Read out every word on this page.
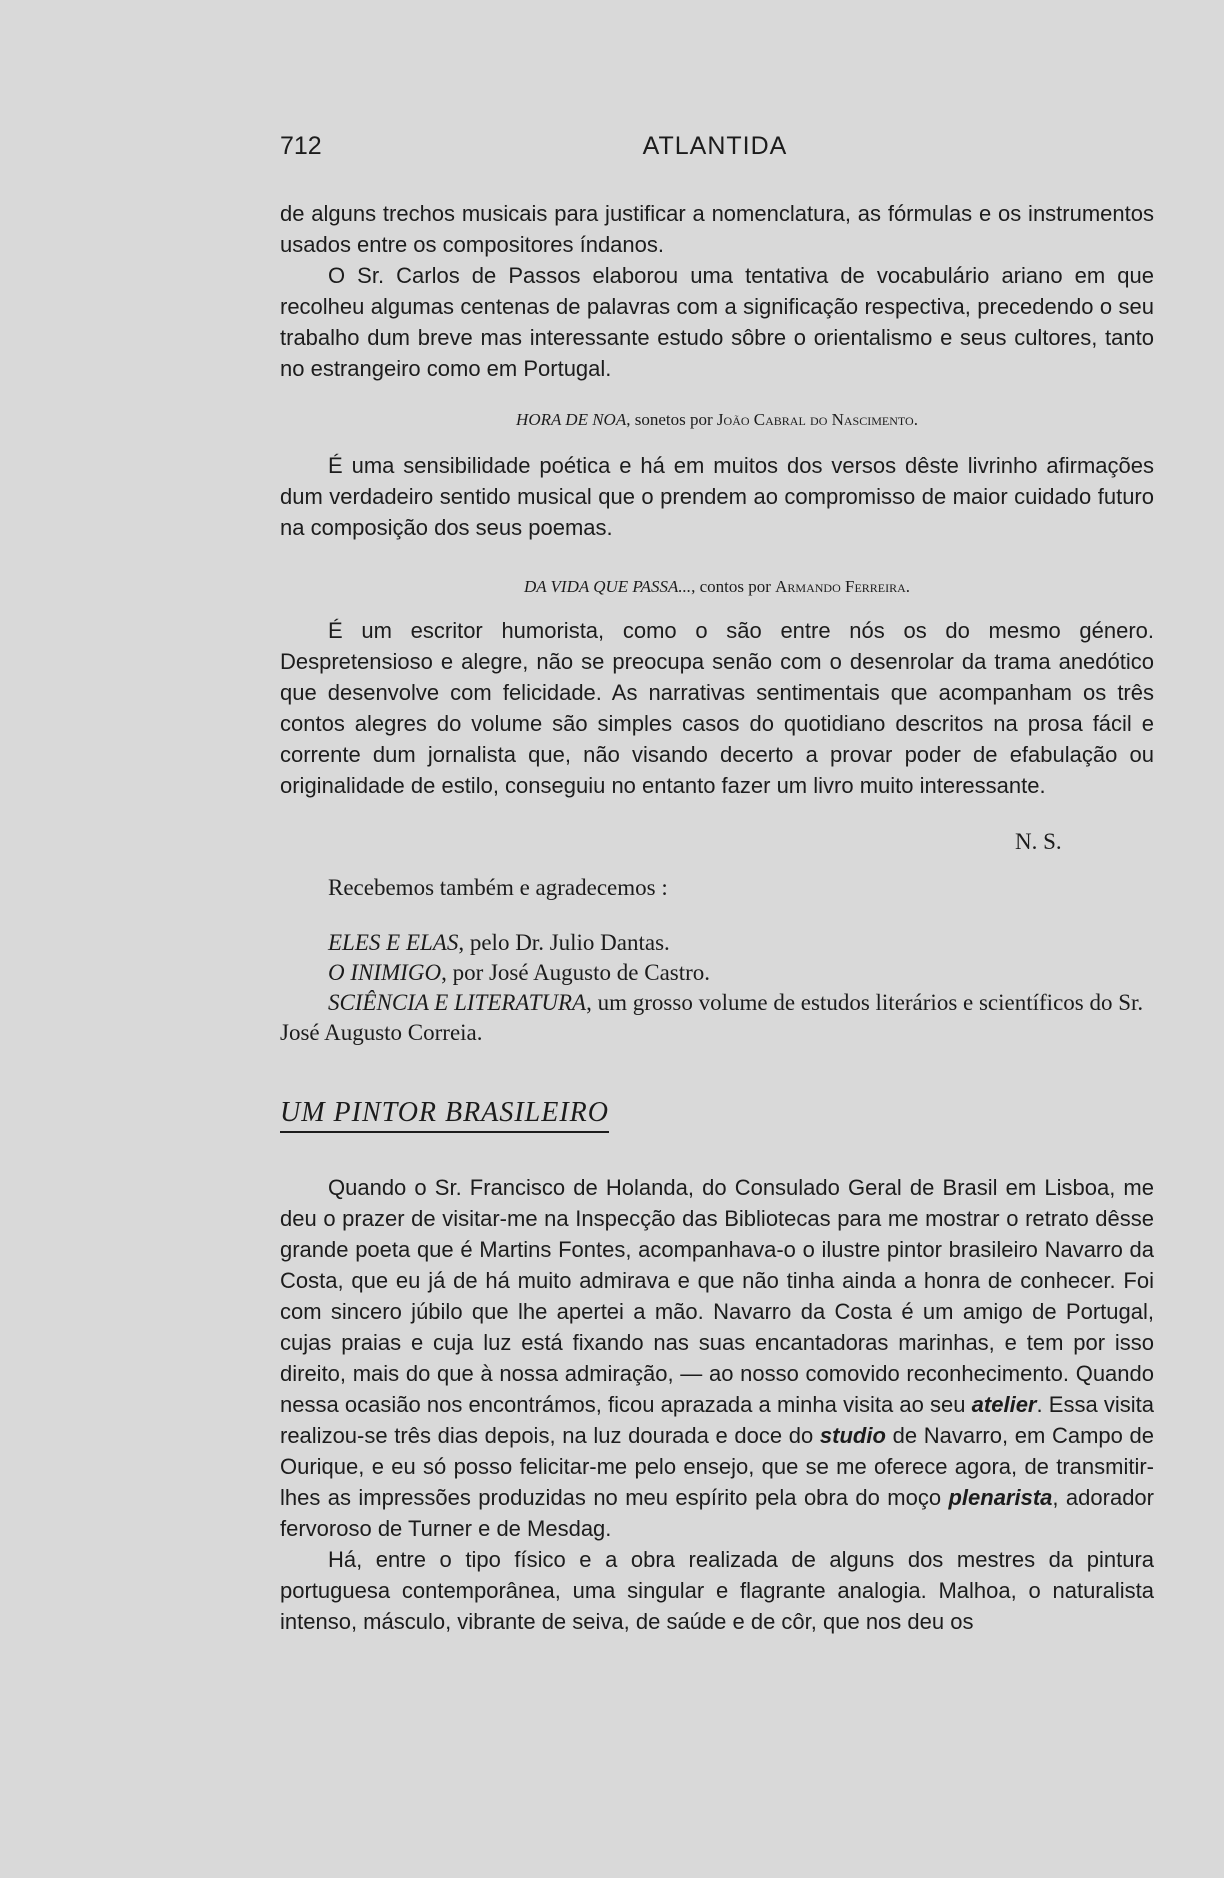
712	ATLANTIDA

de alguns trechos musicais para justificar a nomenclatura, as fórmulas e os instrumentos usados entre os compositores índanos.

O Sr. Carlos de Passos elaborou uma tentativa de vocabulário ariano em que recolheu algumas centenas de palavras com a significação respectiva, precedendo o seu trabalho dum breve mas interessante estudo sôbre o orientalismo e seus cultores, tanto no estrangeiro como em Portugal.

HORA DE NOA, sonetos por João Cabral do Nascimento.

É uma sensibilidade poética e há em muitos dos versos dêste livrinho afirmações dum verdadeiro sentido musical que o prendem ao compromisso de maior cuidado futuro na composição dos seus poemas.

DA VIDA QUE PASSA..., contos por Armando Ferreira.

É um escritor humorista, como o são entre nós os do mesmo género. Despretensioso e alegre, não se preocupa senão com o desenrolar da trama anedótico que desenvolve com felicidade. As narrativas sentimentais que acompanham os três contos alegres do volume são simples casos do quotidiano descritos na prosa fácil e corrente dum jornalista que, não visando decerto a provar poder de efabulação ou originalidade de estilo, conseguiu no entanto fazer um livro muito interessante.

N. S.

Recebemos também e agradecemos :

ELES E ELAS, pelo Dr. Julio Dantas.

O INIMIGO, por José Augusto de Castro.

SCIÊNCIA E LITERATURA, um grosso volume de estudos literários e scientíficos do Sr. José Augusto Correia.

UM PINTOR BRASILEIRO

Quando o Sr. Francisco de Holanda, do Consulado Geral de Brasil em Lisboa, me deu o prazer de visitar-me na Inspecção das Bibliotecas para me mostrar o retrato dêsse grande poeta que é Martins Fontes, acompanhava-o o ilustre pintor brasileiro Navarro da Costa, que eu já de há muito admirava e que não tinha ainda a honra de conhecer. Foi com sincero júbilo que lhe apertei a mão. Navarro da Costa é um amigo de Portugal, cujas praias e cuja luz está fixando nas suas encantadoras marinhas, e tem por isso direito, mais do que à nossa admiração, — ao nosso comovido reconhecimento. Quando nessa ocasião nos encontrámos, ficou aprazada a minha visita ao seu atelier. Essa visita realizou-se três dias depois, na luz dourada e doce do studio de Navarro, em Campo de Ourique, e eu só posso felicitar-me pelo ensejo, que se me oferece agora, de transmitir-lhes as impressões produzidas no meu espírito pela obra do moço plenarista, adorador fervoroso de Turner e de Mesdag.

Há, entre o tipo físico e a obra realizada de alguns dos mestres da pintura portuguesa contemporânea, uma singular e flagrante analogia. Malhoa, o naturalista intenso, másculo, vibrante de seiva, de saúde e de côr, que nos deu os
